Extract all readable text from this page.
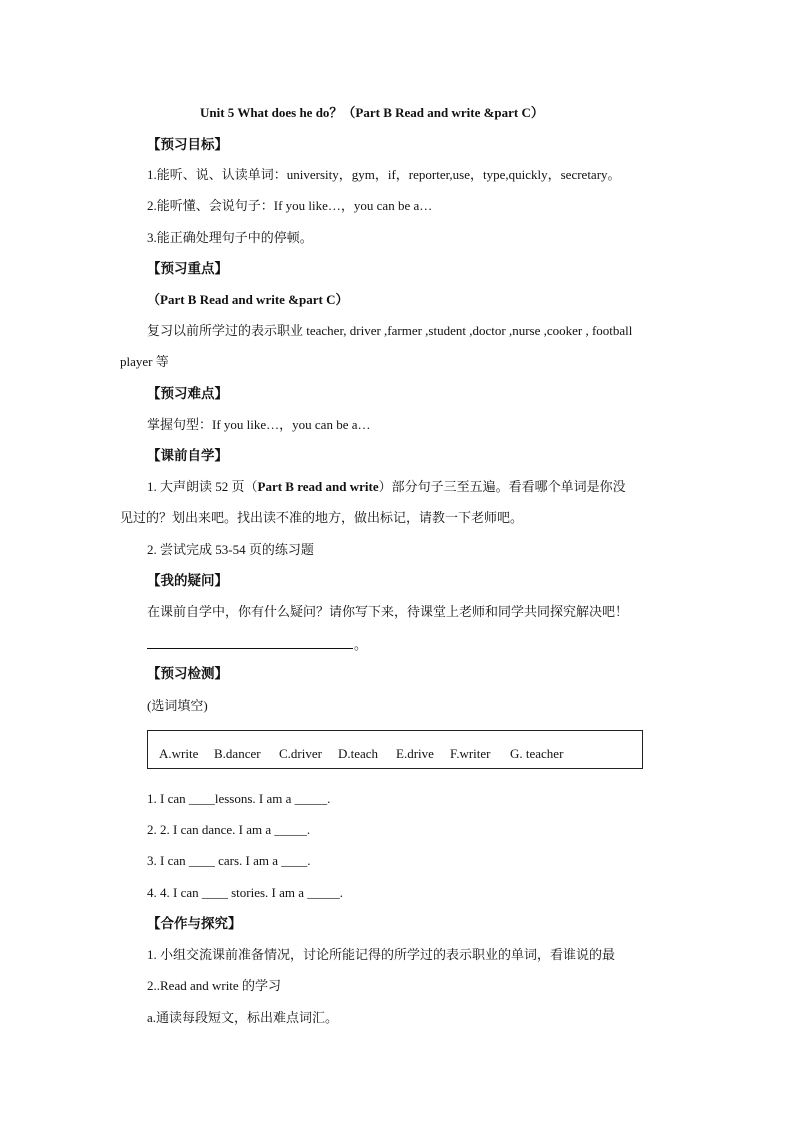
Unit 5 What does he do？（Part B Read and write &part C）
【预习目标】
1.能听、说、认读单词：university，gym，if，reporter,use，type,quickly，secretary。
2.能听懂、会说句子：If you like…，you can be a…
3.能正确处理句子中的停顿。
【预习重点】
（Part B Read and write &part C）
复习以前所学过的表示职业 teacher, driver ,farmer ,student ,doctor ,nurse ,cooker , football
player 等
【预习难点】
掌握句型：If you like…，you can be a…
【课前自学】
1. 大声朗读 52 页（Part B read and write）部分句子三至五遍。看看哪个单词是你没
见过的？划出来吧。找出读不准的地方，做出标记，请教一下老师吧。
2. 尝试完成 53-54 页的练习题
【我的疑问】
在课前自学中，你有什么疑问？请你写下来，待课堂上老师和同学共同探究解决吧！
。
【预习检测】
(选词填空)
A.write B.dancer C.driver D.teach E.drive F.writer G. teacher
1. I can ____lessons. I am a _____.
2. 2. I can dance. I am a _____.
3. I can ____ cars. I am a ____.
4. 4. I can ____ stories. I am a _____.
【合作与探究】
1. 小组交流课前准备情况，讨论所能记得的所学过的表示职业的单词，看谁说的最
2..Read and write 的学习
a.通读每段短文，标出难点词汇。
